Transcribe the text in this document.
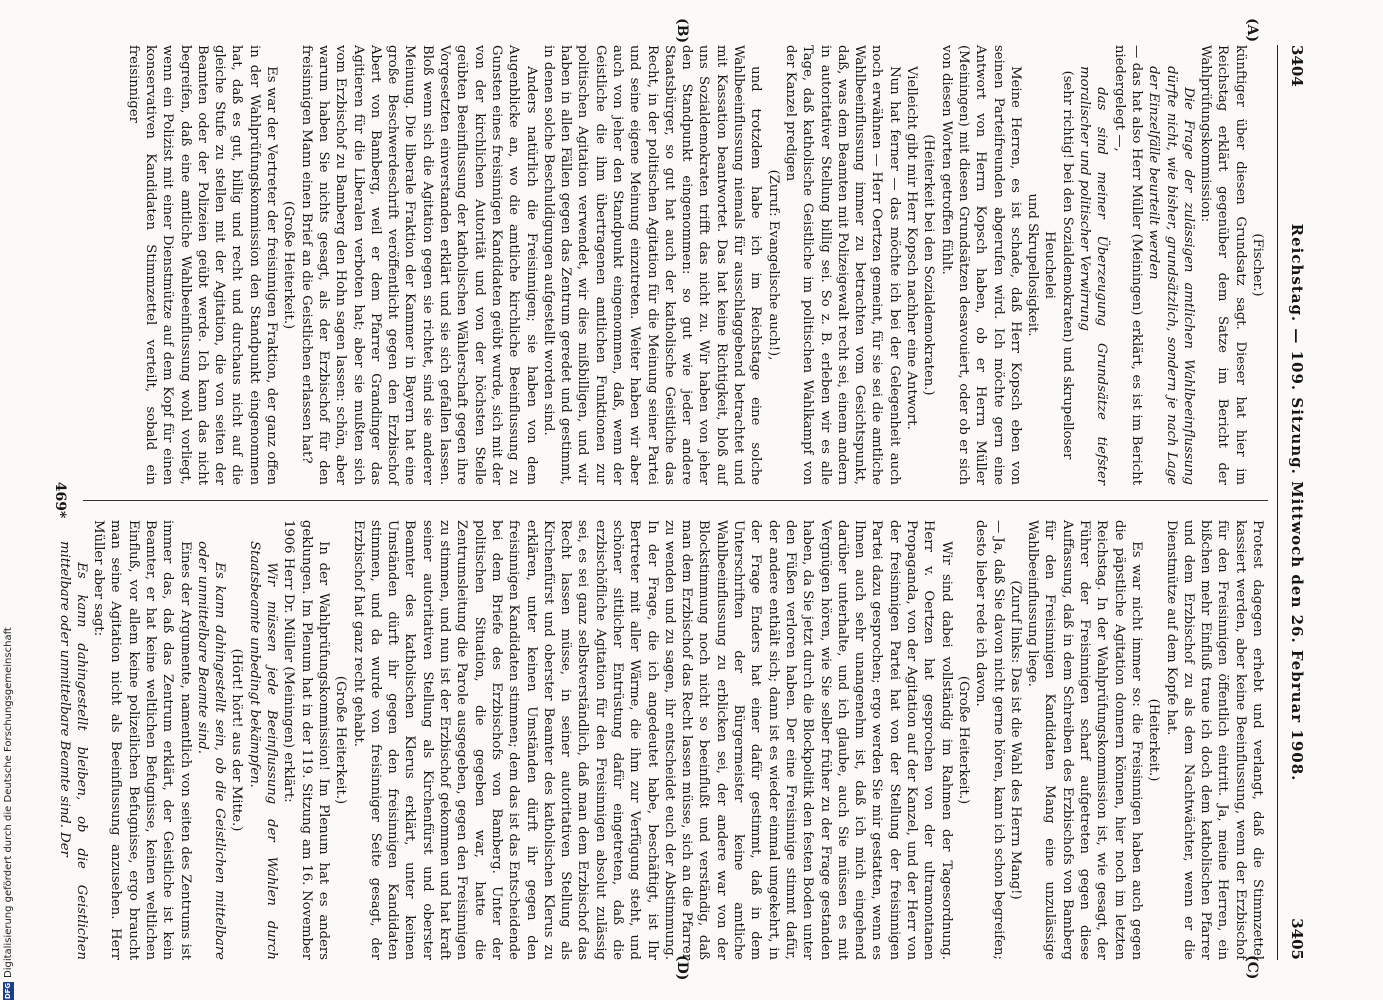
3404
Reichstag. — 109. Sitzung. Mittwoch den 26. Februar 1908.
3405
(A)
(B)
(C)
(D)

(Fischer.)

künftiger über diesen Grundsatz sagt. Dieser hat hier im Reichstag erklärt gegenüber dem Satze im Bericht der Wahlprüfungskommission:

Die Frage der zulässigen amtlichen Wahlbeeinflussung dürfte nicht, wie bisher, grundsätzlich, sondern je nach Lage der Einzelfälle beurteilt werden

— das hat also Herr Müller (Meiningen) erklärt, es ist im Bericht niedergelegt —,

das sind meiner Überzeugung Grundsätze tiefster moralischer und politischer Verwirrung

(sehr richtig! bei den Sozialdemokraten) und skrupelloser Heuchelei

und Skrupellosigkeit.

Meine Herren, es ist schade, daß Herr Kopsch eben von seinen Parteifreunden abgerufen wird. Ich möchte gern eine Antwort von Herrn Kopsch haben, ob er Herrn Müller (Meiningen) mit diesen Grundsätzen desavouiert, oder ob er sich von diesen Worten getroffen fühlt.

(Heiterkeit bei den Sozialdemokraten.)

Vielleicht gibt mir Herr Kopsch nachher eine Antwort.

Nun hat ferner — das möchte ich bei der Gelegenheit auch noch erwähnen — Herr Oertzen gemeint, für sie sei die amtliche Wahlbeeinflussung immer zu betrachten vom Gesichtspunkt, daß, was dem Beamten mit Polizeigewalt recht sei, einem andern in autoritativer Stellung billig sei. So z. B. erleben wir es alle Tage, daß katholische Geistliche im politischen Wahlkampf von der Kanzel predigen

(Zuruf: Evangelische auch!),

und trotzdem habe ich im Reichstage eine solche Wahlbeeinflussung niemals für ausschlaggebend betrachtet und mit Kassation beantwortet. Das hat keine Richtigkeit, bloß auf uns Sozialdemokraten trifft das nicht zu. Wir haben von jeher den Standpunkt eingenommen: so gut wie jeder andere Staatsbürger, so gut hat auch der katholische Geistliche das Recht, in der politischen Agitation für die Meinung seiner Partei und seine eigene Meinung einzutreten. Weiter haben wir aber auch von jeher den Standpunkt eingenommen, daß, wenn der Geistliche die ihm übertragenen amtlichen Funktionen zur politischen Agitation verwendet, wir dies mißbilligen, und wir haben in allen Fällen gegen das Zentrum geredet und gestimmt, in denen solche Beschuldigungen aufgestellt worden sind.

Anders natürlich die Freisinnigen; sie haben von dem Augenblicke an, wo die amtliche kirchliche Beeinflussung zu Gunsten eines freisinnigen Kandidaten geübt wurde, sich mit der von der kirchlichen Autorität und von der höchsten Stelle geübten Beeinflussung der katholischen Wählerschaft gegen ihre Vorgesetzten einverstanden erklärt und sie sich gefallen lassen. Bloß wenn sich die Agitation gegen sie richtet, sind sie anderer Meinung. Die liberale Fraktion der Kammer in Bayern hat eine große Beschwerdeschrift veröffentlicht gegen den Erzbischof Abert von Bamberg, weil er dem Pfarrer Grandinger das Agitieren für die Liberalen verboten hat; aber sie mußten sich vom Erzbischof zu Bamberg den Hohn sagen lassen: schön, aber warum haben Sie nichts gesagt, als der Erzbischof für den freisinnigen Mann einen Brief an die Geistlichen erlassen hat?

(Große Heiterkeit.)

Es war der Vertreter der freisinnigen Fraktion, der ganz offen in der Wahlprüfungskommission den Standpunkt eingenommen hat, daß es gut, billig und recht und durchaus nicht auf die gleiche Stufe zu stellen mit der Agitation, die von seiten der Beamten oder der Polizeien geübt werde. Ich kann das nicht begreifen, daß eine amtliche Wahlbeeinflussung wohl vorliegt, wenn ein Polizist mit einer Dienstmütze auf dem Kopf für einen konservativen Kandidaten Stimmzettel verteilt, sobald ein freisinniger

Protest dagegen erhebt und verlangt, daß die Stimmzettel kassiert werden, aber keine Beeinflussung, wenn der Erzbischof für den Freisinnigen öffentlich eintritt. Ja, meine Herren, ein bißchen mehr Einfluß traue ich doch dem katholischen Pfarrer und dem Erzbischof zu als dem Nachtwächter, wenn er die Dienstmütze auf dem Kopfe hat.

(Heiterkeit.)

Es war nicht immer so: die Freisinnigen haben auch gegen die päpstliche Agitation donnern können, hier noch im letzten Reichstag. In der Wahlprüfungskommission ist, wie gesagt, der Führer der Freisinnigen scharf aufgetreten gegen diese Auffassung, daß in dem Schreiben des Erzbischofs von Bamberg für den Freisinnigen Kandidaten Mang eine unzulässige Wahlbeeinflussung liege.

(Zuruf links: Das ist die Wahl des Herrn Mang!)

— Ja, daß Sie davon nicht gerne hören, kann ich schon begreifen; desto lieber rede ich davon.

(Große Heiterkeit.)

Wir sind dabei vollständig im Rahmen der Tagesordnung. Herr v. Oertzen hat gesprochen von der ultramontanen Propaganda, von der Agitation auf der Kanzel, und der Herr von der freisinnigen Partei hat von der Stellung der freisinnigen Partei dazu gesprochen; ergo werden Sie mir gestatten, wenn es Ihnen auch sehr unangenehm ist, daß ich mich eingehend darüber unterhalte, und ich glaube, auch Sie müssen es mit Vergnügen hören, wie Sie selber früher zu der Frage gestanden haben, da Sie jetzt durch die Blockpolitik den festen Boden unter den Füßen verloren haben. Der eine Freisinnige stimmt dafür, der andere enthält sich; dann ist es wieder einmal umgekehrt, in der Frage Enders hat einer dafür gestimmt, daß in dem Unterschriften der Bürgermeister keine amtliche Wahlbeeinflussung zu erblicken sei, der andere war von der Blockstimmung noch nicht so beeinflußt und verständig, daß man dem Erzbischof das Recht lassen müsse, sich an die Pfarrer zu wenden und zu sagen, ihr entscheidet euch der Abstimmung. In der Frage, die ich angedeutet habe, beschäftigt, ist Ihr Bertreter mit aller Wärme, die ihm zur Verfügung steht, und schöner sittlicher Entrüstung dafür eingetreten, daß die erzbischöfliche Agitation für den Freisinnigen absolut zulässig sei, es sei ganz selbstverständlich, daß man dem Erzbischof das Recht lassen müsse, in seiner autoritativen Stellung als Kirchenfürst und oberster Beamter des katholischen Klerus zu erklären, unter keinen Umständen dürft ihr gegen den freisinnigen Kandidaten stimmen; dem das ist das Entscheidende bei dem Briefe des Erzbischofs von Bamberg. Unter der politischen Situation, die gegeben war, hatte die Zentrumsleitung die Parole ausgegeben, gegen den Freisinnigen zu stimmen, und nun ist der Erzbischof gekommen und hat kraft seiner autoritativen Stellung als Kirchenfürst und oberster Beamter des katholischen Klerus erklärt, unter keinen Umständen dürft ihr gegen den freisinnigen Kandidaten stimmen, und da wurde von freisinniger Seite gesagt, der Erzbischof hat ganz recht gehabt.

(Große Heiterkeit.)

In der Wahlprüfungskommission! Im Plenum hat es anders geklungen. Im Plenum hat in der 119. Sitzung am 16. November 1906 Herr Dr. Müller (Meiningen) erklärt:

Wir müssen jede Beeinflussung der Wahlen durch Staatsbeamte unbedingt bekämpfen.

(Hört! hört! aus der Mitte.)

Es kann dahingestellt sein, ob die Geistlichen mittelbare oder unmittelbare Beamte sind.

Eines der Argumente, namentlich von seiten des Zentrums ist immer das, daß das Zentrum erklärt, der Geistliche ist kein Beamter, er hat keine weltlichen Befugnisse, keinen weltlichen Einfluß, vor allem keine polizeilichen Befugnisse, ergo braucht man seine Agitation nicht als Beeinflussung anzusehen. Herr Müller aber sagt:

Es kann dahingestellt bleiben, ob die Geistlichen mittelbare oder unmittelbare Beamte sind. Der

469*
DFG
Digitalisierung gefördert durch die Deutsche Forschungsgemeinschaft
